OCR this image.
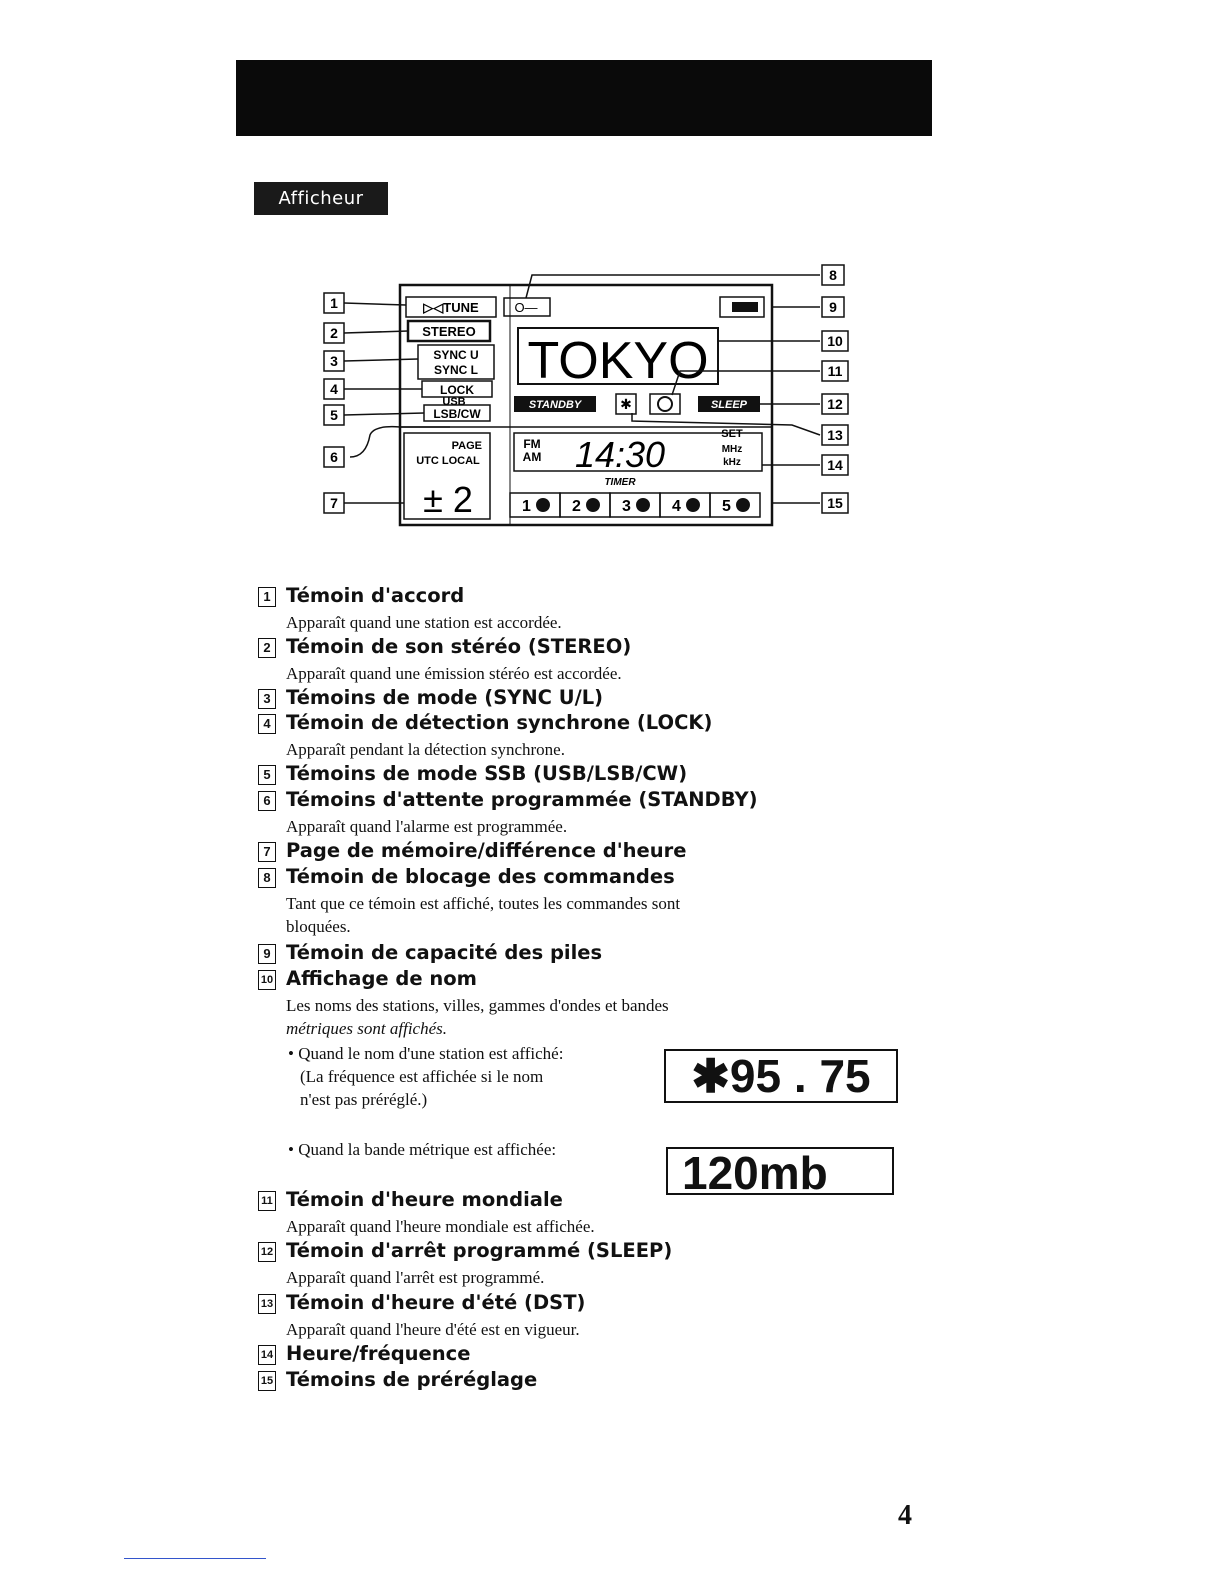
Afficheur
▷◁TUNE	O—
STEREO
SYNC U
SYNC L
LOCK
USB
LSB/CW
TOKYO
STANDBY	✱	SLEEP
PAGE
UTC LOCAL
± 2
FM
AM 14:30	SET
MHz
kHz
TIMER
1	2	3	4	5
1
2
3
4
5
6
7
8
9
10
11
12
13
14
15
1 Témoin d'accord
Apparaît quand une station est accordée.
2 Témoin de son stéréo (STEREO)
Apparaît quand une émission stéréo est accordée.
3 Témoins de mode (SYNC U/L)
4 Témoin de détection synchrone (LOCK)
Apparaît pendant la détection synchrone.
5 Témoins de mode SSB (USB/LSB/CW)
6 Témoins d'attente programmée (STANDBY)
Apparaît quand l'alarme est programmée.
7 Page de mémoire/différence d'heure
8 Témoin de blocage des commandes
Tant que ce témoin est affiché, toutes les commandes sont
bloquées.
9 Témoin de capacité des piles
10 Affichage de nom
Les noms des stations, villes, gammes d'ondes et bandes
métriques sont affichés.
• Quand le nom d'une station est affiché:
(La fréquence est affichée si le nom
n'est pas préréglé.)	✱95 . 75
• Quand la bande métrique est affichée:	120mb
11 Témoin d'heure mondiale
Apparaît quand l'heure mondiale est affichée.
12 Témoin d'arrêt programmé (SLEEP)
Apparaît quand l'arrêt est programmé.
13 Témoin d'heure d'été (DST)
Apparaît quand l'heure d'été est en vigueur.
14 Heure/fréquence
15 Témoins de préréglage
4
